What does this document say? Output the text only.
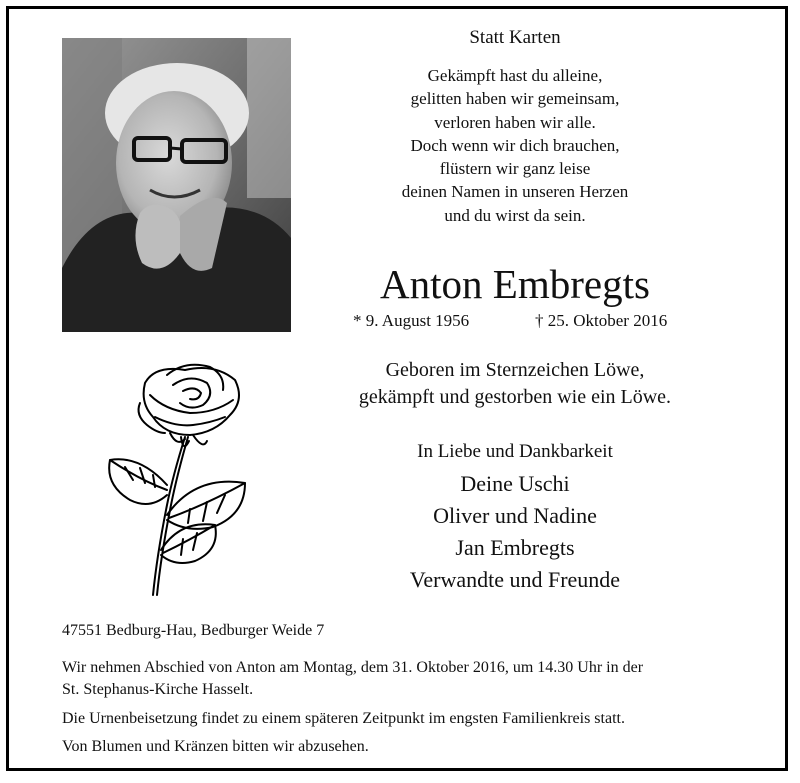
Statt Karten
Gekämpft hast du alleine,
gelitten haben wir gemeinsam,
verloren haben wir alle.
Doch wenn wir dich brauchen,
flüstern wir ganz leise
deinen Namen in unseren Herzen
und du wirst da sein.
Anton Embregts
* 9. August 1956	† 25. Oktober 2016
Geboren im Sternzeichen Löwe,
gekämpft und gestorben wie ein Löwe.
In Liebe und Dankbarkeit
Deine Uschi
Oliver und Nadine
Jan Embregts
Verwandte und Freunde
47551 Bedburg-Hau, Bedburger Weide 7
Wir nehmen Abschied von Anton am Montag, dem 31. Oktober 2016, um 14.30 Uhr in der
St. Stephanus-Kirche Hasselt.
Die Urnenbeisetzung findet zu einem späteren Zeitpunkt im engsten Familienkreis statt.
Von Blumen und Kränzen bitten wir abzusehen.
